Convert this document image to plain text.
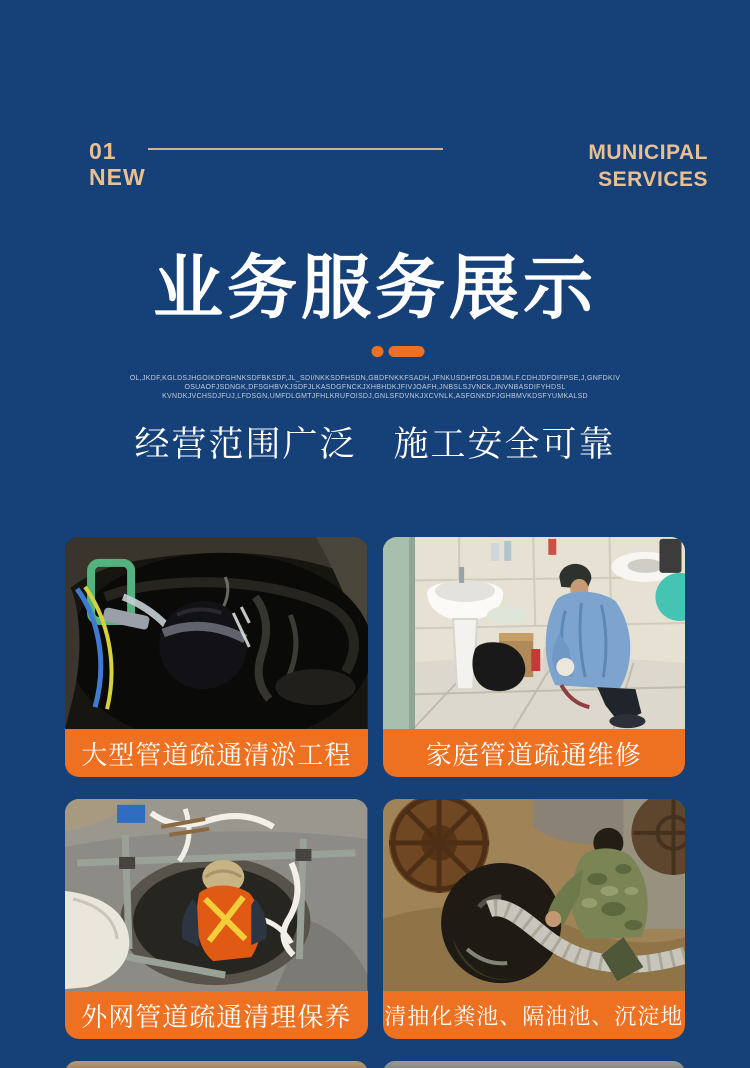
01
NEW
MUNICIPAL
SERVICES
业务服务展示
OL,JKDF,KGLDSJHGOIKDFGHNKSDFBKSDF,JL_SDI/NKKSDFHSDN,GBDFNKKFSADH,JFNKUSDHFOSLDBJMLF.CDHJDFOIFPSE,J,GNFDKIV
OSUAOFJSDNGK,DFSGHBVKJSDFJLKASDGFNCKJXHBHDKJFIVJOAFH,JNBSLSJVNCK,JNVNBASDIFYHDSL
KVNDKJVCHSDJFUJ,LFDSGN,UMFDLGMTJFHLKRUFOISDJ,GNLSFDVNKJXCVNLK,ASFGNKDFJGHBMVKDSFYUMKALSD
经营范围广泛　施工安全可靠
大型管道疏通清淤工程	家庭管道疏通维修
外网管道疏通清理保养	清抽化粪池、隔油池、沉淀地
